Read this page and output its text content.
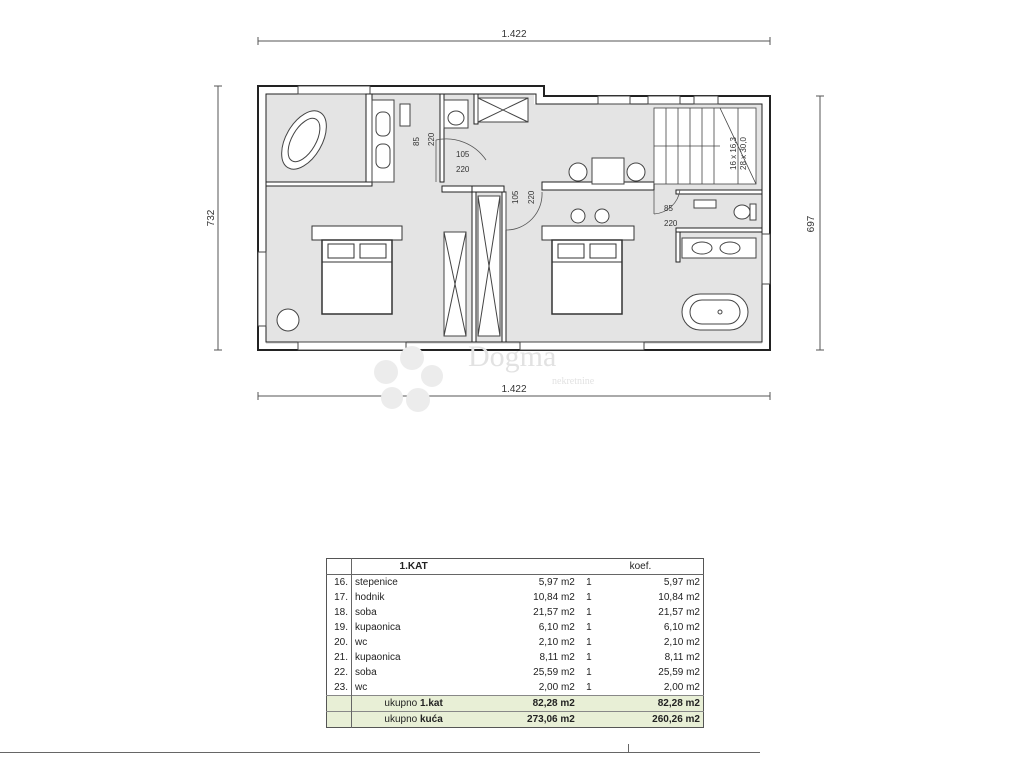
1.422
1.422
732	697
85 220
105
220
105 220
85
220
16 x 16,3 28 x 30,0
Dogma
nekretnine
	1.KAT		koef.	
16.	stepenice	5,97 m2	1	5,97 m2
17.	hodnik	10,84 m2	1	10,84 m2
18.	soba	21,57 m2	1	21,57 m2
19.	kupaonica	6,10 m2	1	6,10 m2
20.	wc	2,10 m2	1	2,10 m2
21.	kupaonica	8,11 m2	1	8,11 m2
22.	soba	25,59 m2	1	25,59 m2
23.	wc	2,00 m2	1	2,00 m2
	ukupno 1.kat	82,28 m2		82,28 m2
	ukupno kuća	273,06 m2		260,26 m2
